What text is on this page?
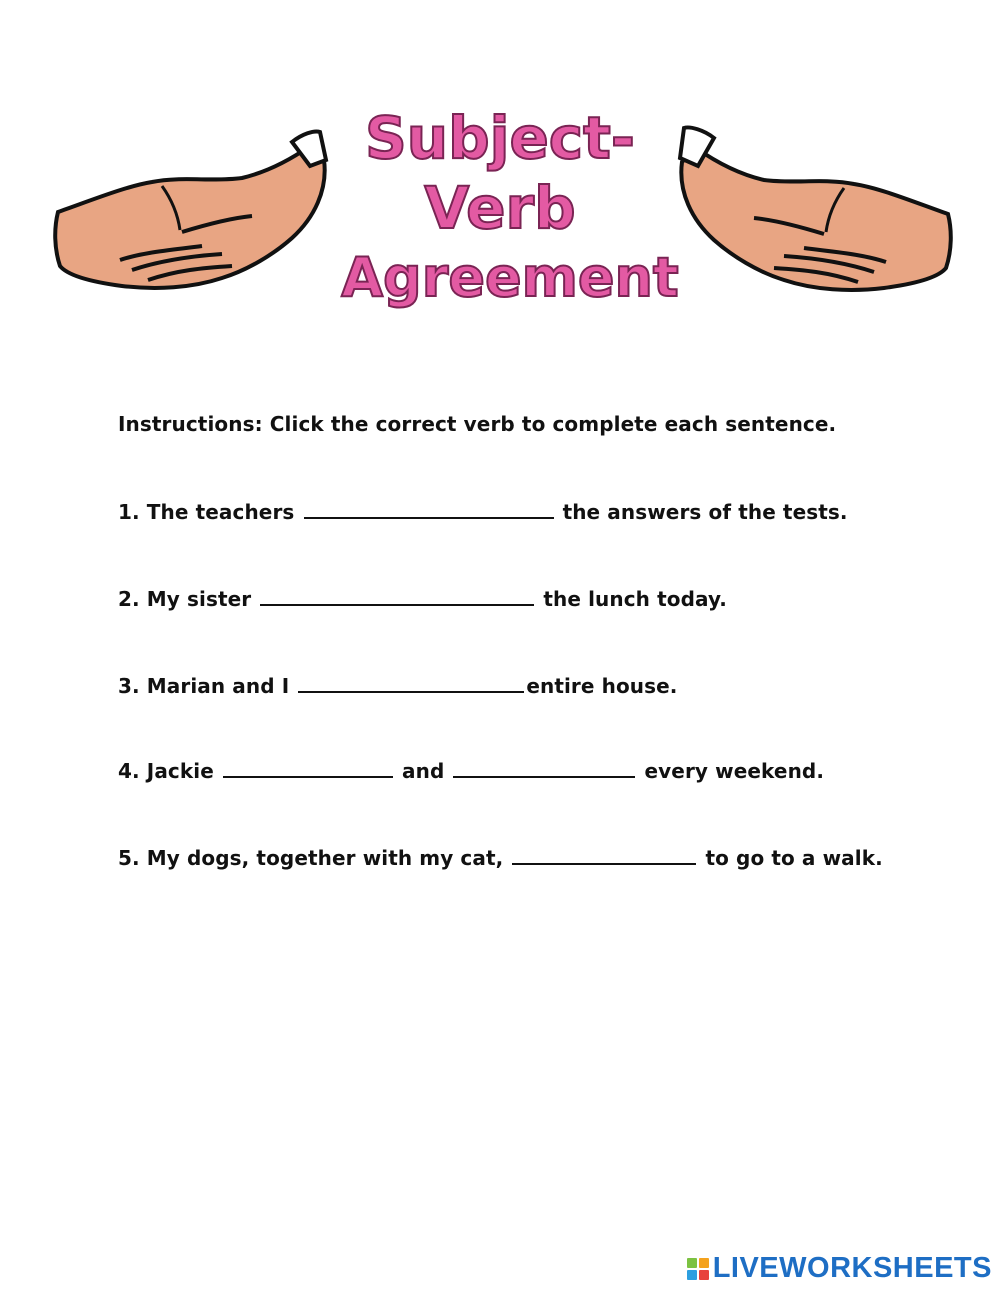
Subject-
Verb
Agreement
Instructions: Click the correct verb to complete each sentence.
1. The teachers	the answers of the tests.
2. My sister	the lunch today.
3. Marian and I	entire house.
4. Jackie	and	every weekend.
5. My dogs, together with my cat,	to go to a walk.
LIVEWORKSHEETS
